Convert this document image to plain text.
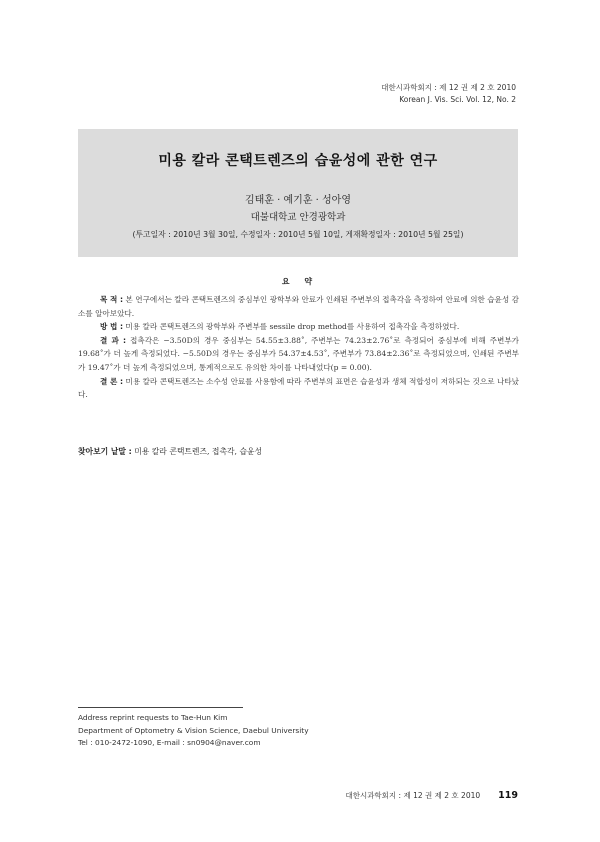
대한시과학회지 : 제 12 권 제 2 호 2010
Korean J. Vis. Sci. Vol. 12, No. 2
미용 칼라 콘택트렌즈의 습윤성에 관한 연구
김태훈 · 예기훈 · 성아영
대불대학교 안경광학과
(투고일자 : 2010년 3월 30일, 수정일자 : 2010년 5월 10일, 게재확정일자 : 2010년 5월 25일)
요 약

목 적 : 본 연구에서는 칼라 콘택트렌즈의 중심부인 광학부와 안료가 인쇄된 주변부의 접촉각을 측정하여 안료에 의한 습윤성 감소를 알아보았다.

방 법 : 미용 칼라 콘택트렌즈의 광학부와 주변부를 sessile drop method를 사용하여 접촉각을 측정하였다.

결 과 : 접촉각은 −3.50D의 경우 중심부는 54.55±3.88˚, 주변부는 74.23±2.76˚로 측정되어 중심부에 비해 주변부가 19.68˚가 더 높게 측정되었다. −5.50D의 경우는 중심부가 54.37±4.53˚, 주변부가 73.84±2.36˚로 측정되었으며, 인쇄된 주변부가 19.47˚가 더 높게 측정되었으며, 통계적으로도 유의한 차이를 나타내었다(p = 0.00).

결 론 : 미용 칼라 콘택트렌즈는 소수성 안료를 사용함에 따라 주변부의 표면은 습윤성과 생체 적합성이 저하되는 것으로 나타났다.

찾아보기 낱말 : 미용 칼라 콘택트렌즈, 접촉각, 습윤성
Address reprint requests to Tae-Hun Kim
Department of Optometry & Vision Science, Daebul University
Tel : 010-2472-1090, E-mail : sn0904@naver.com
대한시과학회지 : 제 12 권 제 2 호 2010 119
